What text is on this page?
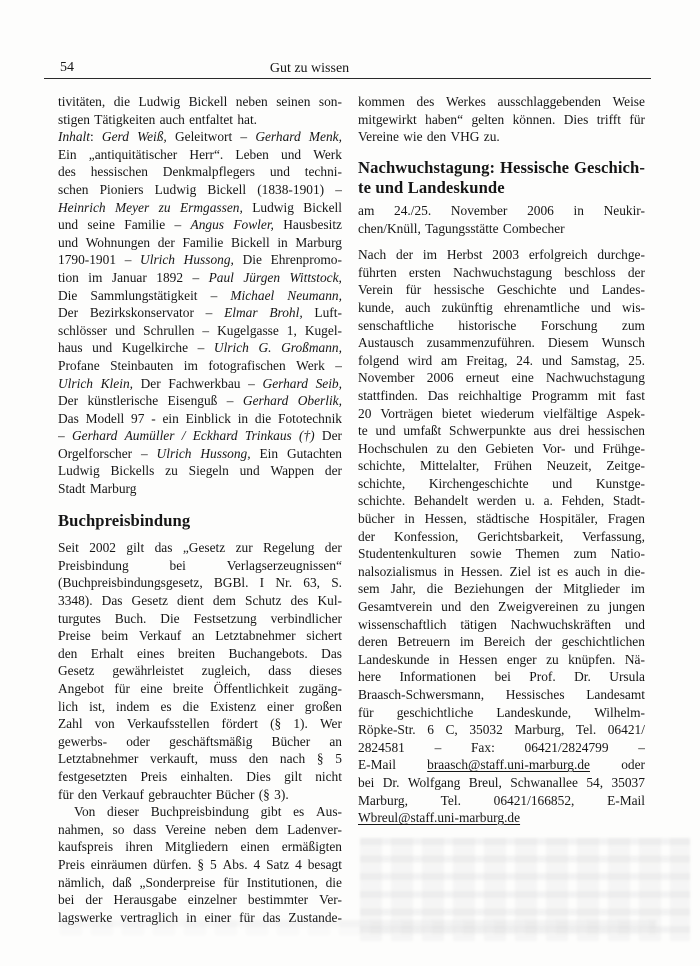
54	Gut zu wissen
tivitäten, die Ludwig Bickell neben seinen son-
stigen Tätigkeiten auch entfaltet hat.
Inhalt: Gerd Weiß, Geleitwort – Gerhard Menk,
Ein „antiquitätischer Herr“. Leben und Werk
des hessischen Denkmalpflegers und techni-
schen Pioniers Ludwig Bickell (1838-1901) –
Heinrich Meyer zu Ermgassen, Ludwig Bickell
und seine Familie – Angus Fowler, Hausbesitz
und Wohnungen der Familie Bickell in Marburg
1790-1901 – Ulrich Hussong, Die Ehrenpromo-
tion im Januar 1892 – Paul Jürgen Wittstock,
Die Sammlungstätigkeit – Michael Neumann,
Der Bezirkskonservator – Elmar Brohl, Luft-
schlösser und Schrullen – Kugelgasse 1, Kugel-
haus und Kugelkirche – Ulrich G. Großmann,
Profane Steinbauten im fotografischen Werk –
Ulrich Klein, Der Fachwerkbau – Gerhard Seib,
Der künstlerische Eisenguß – Gerhard Oberlik,
Das Modell 97 - ein Einblick in die Fototechnik
– Gerhard Aumüller / Eckhard Trinkaus (†) Der
Orgelforscher – Ulrich Hussong, Ein Gutachten
Ludwig Bickells zu Siegeln und Wappen der
Stadt Marburg
Buchpreisbindung
Seit 2002 gilt das „Gesetz zur Regelung der
Preisbindung	bei	Verlagserzeugnissen“
(Buchpreisbindungsgesetz, BGBl. I Nr. 63, S.
3348). Das Gesetz dient dem Schutz des Kul-
turgutes Buch. Die Festsetzung verbindlicher
Preise beim Verkauf an Letztabnehmer sichert
den Erhalt eines breiten Buchangebots. Das
Gesetz gewährleistet zugleich, dass dieses
Angebot für eine breite Öffentlichkeit zugäng-
lich ist, indem es die Existenz einer großen
Zahl von Verkaufsstellen fördert (§ 1). Wer
gewerbs- oder geschäftsmäßig Bücher an
Letztabnehmer verkauft, muss den nach § 5
festgesetzten Preis einhalten. Dies gilt nicht
für den Verkauf gebrauchter Bücher (§ 3).
Von dieser Buchpreisbindung gibt es Aus-
nahmen, so dass Vereine neben dem Ladenver-
kaufspreis ihren Mitgliedern einen ermäßigten
Preis einräumen dürfen. § 5 Abs. 4 Satz 4 besagt
nämlich, daß „Sonderpreise für Institutionen, die
bei der Herausgabe einzelner bestimmter Ver-
lagswerke vertraglich in einer für das Zustande-
kommen des Werkes ausschlaggebenden Weise
mitgewirkt haben“ gelten können. Dies trifft für
Vereine wie den VHG zu.
Nachwuchstagung: Hessische Geschich-
te und Landeskunde
am 24./25. November 2006 in Neukir-
chen/Knüll, Tagungsstätte Combecher
Nach der im Herbst 2003 erfolgreich durchge-
führten ersten Nachwuchstagung beschloss der
Verein für hessische Geschichte und Landes-
kunde, auch zukünftig ehrenamtliche und wis-
senschaftliche historische Forschung zum
Austausch zusammenzuführen. Diesem Wunsch
folgend wird am Freitag, 24. und Samstag, 25.
November 2006 erneut eine Nachwuchstagung
stattfinden. Das reichhaltige Programm mit fast
20 Vorträgen bietet wiederum vielfältige Aspek-
te und umfaßt Schwerpunkte aus drei hessischen
Hochschulen zu den Gebieten Vor- und Frühge-
schichte, Mittelalter, Frühen Neuzeit, Zeitge-
schichte, Kirchengeschichte und Kunstge-
schichte. Behandelt werden u. a. Fehden, Stadt-
bücher in Hessen, städtische Hospitäler, Fragen
der Konfession, Gerichtsbarkeit, Verfassung,
Studentenkulturen sowie Themen zum Natio-
nalsozialismus in Hessen. Ziel ist es auch in die-
sem Jahr, die Beziehungen der Mitglieder im
Gesamtverein und den Zweigvereinen zu jungen
wissenschaftlich tätigen Nachwuchskräften und
deren Betreuern im Bereich der geschichtlichen
Landeskunde in Hessen enger zu knüpfen. Nä-
here Informationen bei Prof. Dr. Ursula
Braasch-Schwersmann, Hessisches Landesamt
für geschichtliche Landeskunde, Wilhelm-
Röpke-Str. 6 C, 35032 Marburg, Tel. 06421/
2824581 – Fax: 06421/2824799 –
E-Mail braasch@staff.uni-marburg.de oder
bei Dr. Wolfgang Breul, Schwanallee 54, 35037
Marburg, Tel. 06421/166852, E-Mail
Wbreul@staff.uni-marburg.de
